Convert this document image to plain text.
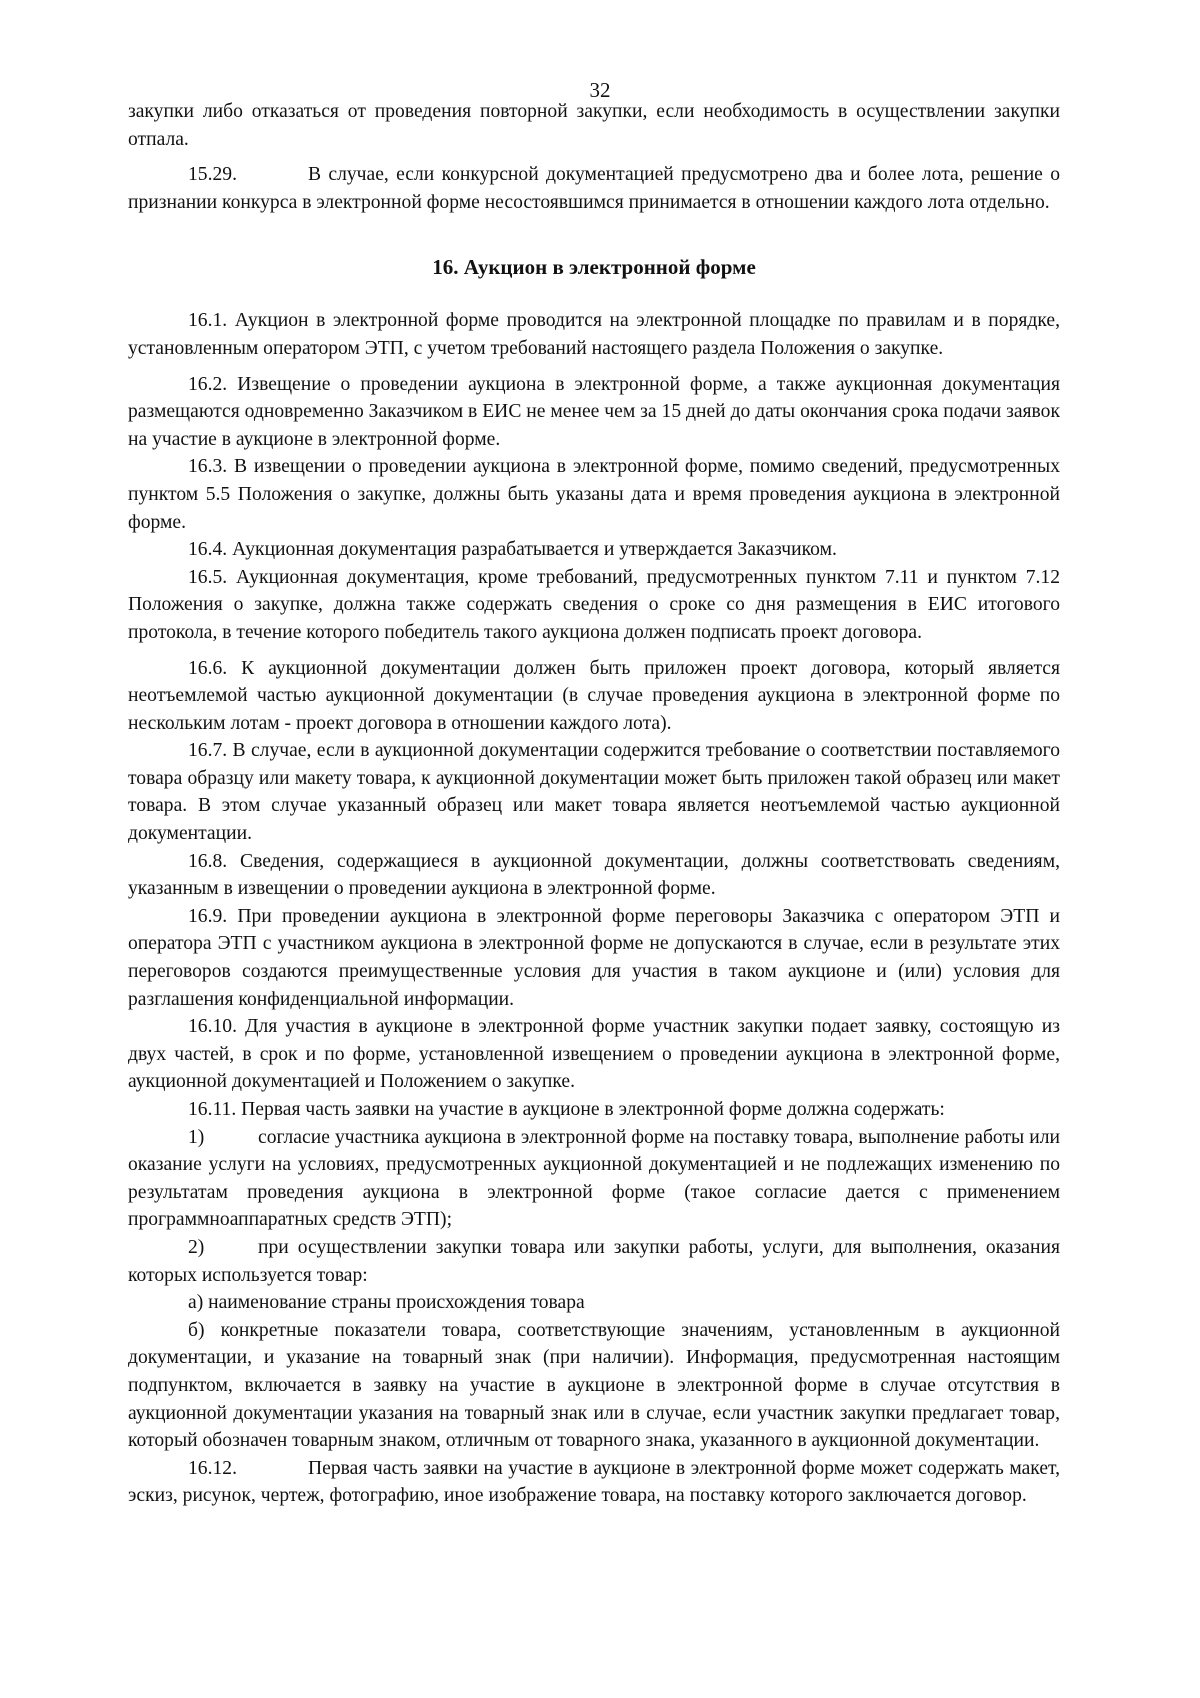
32

закупки либо отказаться от проведения повторной закупки, если необходимость в осуществлении закупки отпала.

15.29.	В случае, если конкурсной документацией предусмотрено два и более лота, решение о признании конкурса в электронной форме несостоявшимся принимается в отношении каждого лота отдельно.

16. Аукцион в электронной форме

16.1. Аукцион в электронной форме проводится на электронной площадке по правилам и в порядке, установленным оператором ЭТП, с учетом требований настоящего раздела Положения о закупке.

16.2. Извещение о проведении аукциона в электронной форме, а также аукционная документация размещаются одновременно Заказчиком в ЕИС не менее чем за 15 дней до даты окончания срока подачи заявок на участие в аукционе в электронной форме.

16.3. В извещении о проведении аукциона в электронной форме, помимо сведений, предусмотренных пунктом 5.5 Положения о закупке, должны быть указаны дата и время проведения аукциона в электронной форме.

16.4. Аукционная документация разрабатывается и утверждается Заказчиком.

16.5. Аукционная документация, кроме требований, предусмотренных пунктом 7.11 и пунктом 7.12 Положения о закупке, должна также содержать сведения о сроке со дня размещения в ЕИС итогового протокола, в течение которого победитель такого аукциона должен подписать проект договора.

16.6. К аукционной документации должен быть приложен проект договора, который является неотъемлемой частью аукционной документации (в случае проведения аукциона в электронной форме по нескольким лотам - проект договора в отношении каждого лота).

16.7. В случае, если в аукционной документации содержится требование о соответствии поставляемого товара образцу или макету товара, к аукционной документации может быть приложен такой образец или макет товара. В этом случае указанный образец или макет товара является неотъемлемой частью аукционной документации.

16.8. Сведения, содержащиеся в аукционной документации, должны соответствовать сведениям, указанным в извещении о проведении аукциона в электронной форме.

16.9. При проведении аукциона в электронной форме переговоры Заказчика с оператором ЭТП и оператора ЭТП с участником аукциона в электронной форме не допускаются в случае, если в результате этих переговоров создаются преимущественные условия для участия в таком аукционе и (или) условия для разглашения конфиденциальной информации.

16.10. Для участия в аукционе в электронной форме участник закупки подает заявку, состоящую из двух частей, в срок и по форме, установленной извещением о проведении аукциона в электронной форме, аукционной документацией и Положением о закупке.

16.11. Первая часть заявки на участие в аукционе в электронной форме должна содержать:

1)	согласие участника аукциона в электронной форме на поставку товара, выполнение работы или оказание услуги на условиях, предусмотренных аукционной документацией и не подлежащих изменению по результатам проведения аукциона в электронной форме (такое согласие дается с применением программноаппаратных средств ЭТП);

2)	при осуществлении закупки товара или закупки работы, услуги, для выполнения, оказания которых используется товар:

а) наименование страны происхождения товара

б) конкретные показатели товара, соответствующие значениям, установленным в аукционной документации, и указание на товарный знак (при наличии). Информация, предусмотренная настоящим подпунктом, включается в заявку на участие в аукционе в электронной форме в случае отсутствия в аукционной документации указания на товарный знак или в случае, если участник закупки предлагает товар, который обозначен товарным знаком, отличным от товарного знака, указанного в аукционной документации.

16.12.	Первая часть заявки на участие в аукционе в электронной форме может содержать макет, эскиз, рисунок, чертеж, фотографию, иное изображение товара, на поставку которого заключается договор.
